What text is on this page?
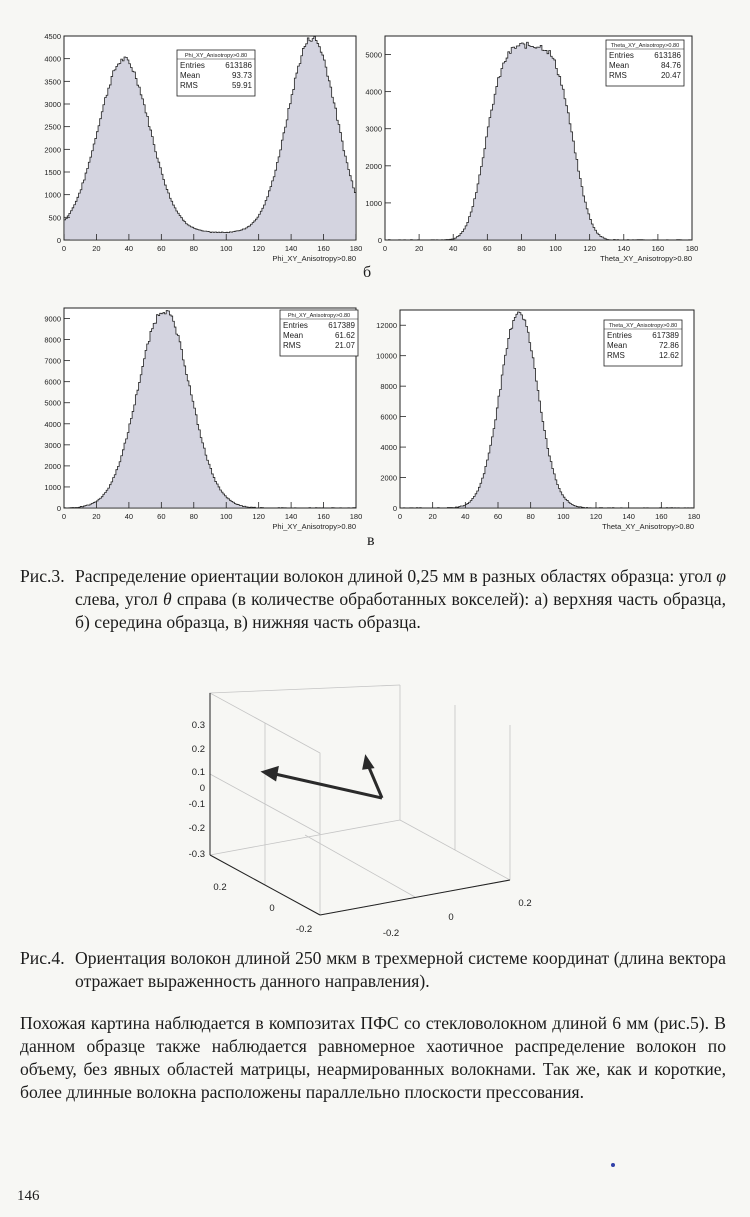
0
500
1000
1500
2000
2500
3000
3500
4000
4500
0	20	40	60	80	100	120	140	160	180
Phi_XY_Anisotropy>0.80
Phi_XY_Anisotropy>0.80
Entries	613186
Mean	93.73
RMS	59.91
0
1000
2000
3000
4000
5000
0	20	40	60	80	100	120	140	160	180
Theta_XY_Anisotropy>0.80
Theta_XY_Anisotropy>0.80
Entries	613186
Mean	84.76
RMS	20.47
б
0
1000
2000
3000
4000
5000
6000
7000
8000
9000
0	20	40	60	80	100	120	140	160	180
Phi_XY_Anisotropy>0.80
Phi_XY_Anisotropy>0.80
Entries	617389
Mean	61.62
RMS	21.07
0
2000
4000
6000
8000
10000
12000
0	20	40	60	80	100	120	140	160	180
Theta_XY_Anisotropy>0.80
Theta_XY_Anisotropy>0.80
Entries	617389
Mean	72.86
RMS	12.62
в
Рис.3. Распределение ориентации волокон длиной 0,25 мм в разных областях образца: угол φ слева, угол θ справа (в количестве обработанных вокселей): а) верхняя часть образца, б) середина образца, в) нижняя часть образца.
0.3
0.2
0.1
0
-0.1
-0.2
-0.3
0.2
0
-0.2
0.2
0
-0.2
Рис.4. Ориентация волокон длиной 250 мкм в трехмерной системе координат (длина вектора отражает выраженность данного направления).
Похожая картина наблюдается в композитах ПФС со стекловолокном длиной 6 мм (рис.5). В данном образце также наблюдается равномерное хаотичное распределение волокон по объему, без явных областей матрицы, неармированных волокнами. Так же, как и короткие, более длинные волокна расположены параллельно плоскости прессования.
146
